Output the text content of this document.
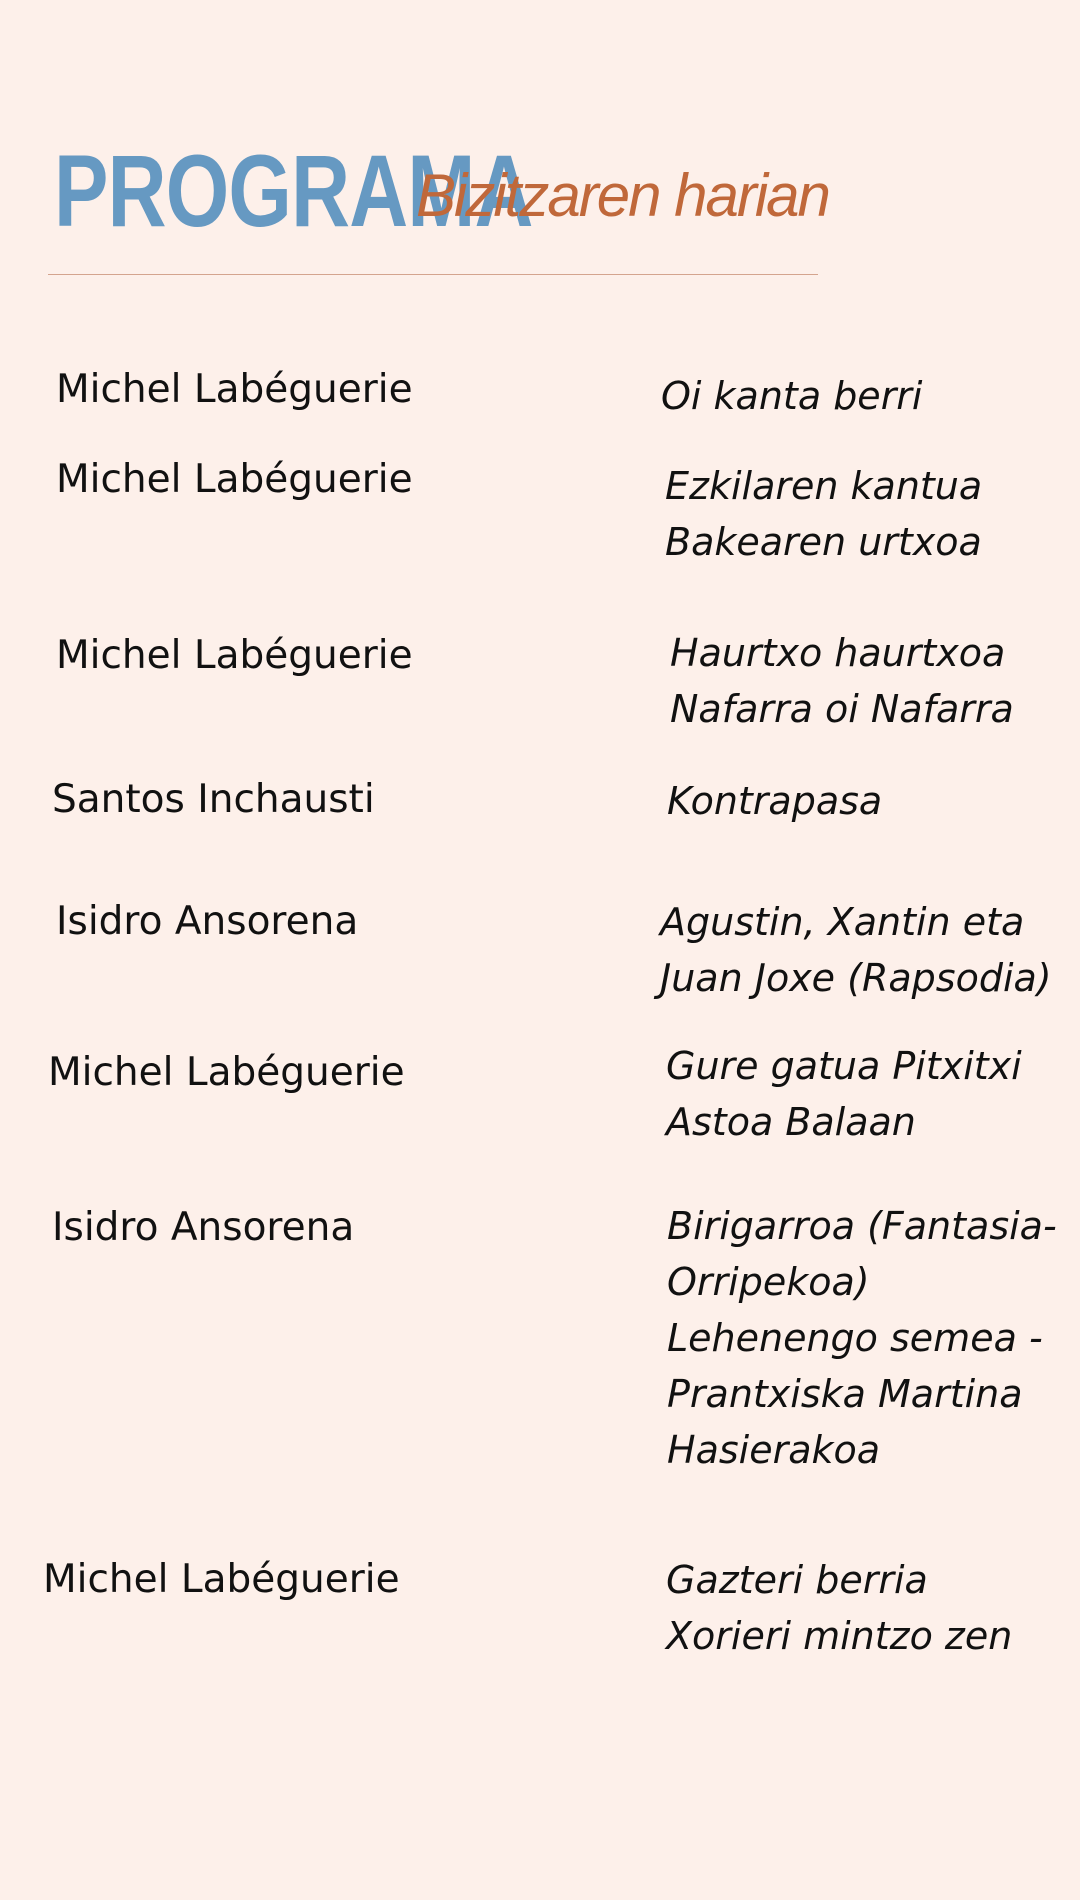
PROGRAMA
Bizitzaren harian
Michel Labéguerie	Oi kanta berri
Michel Labéguerie	Ezkilaren kantua
Bakearen urtxoa
Michel Labéguerie	Haurtxo haurtxoa
Nafarra oi Nafarra
Santos Inchausti	Kontrapasa
Isidro Ansorena	Agustin, Xantin eta
Juan Joxe (Rapsodia)
Michel Labéguerie	Gure gatua Pitxitxi
Astoa Balaan
Isidro Ansorena	Birigarroa (Fantasia-
Orripekoa)
Lehenengo semea -
Prantxiska Martina
Hasierakoa
Michel Labéguerie	Gazteri berria
Xorieri mintzo zen
